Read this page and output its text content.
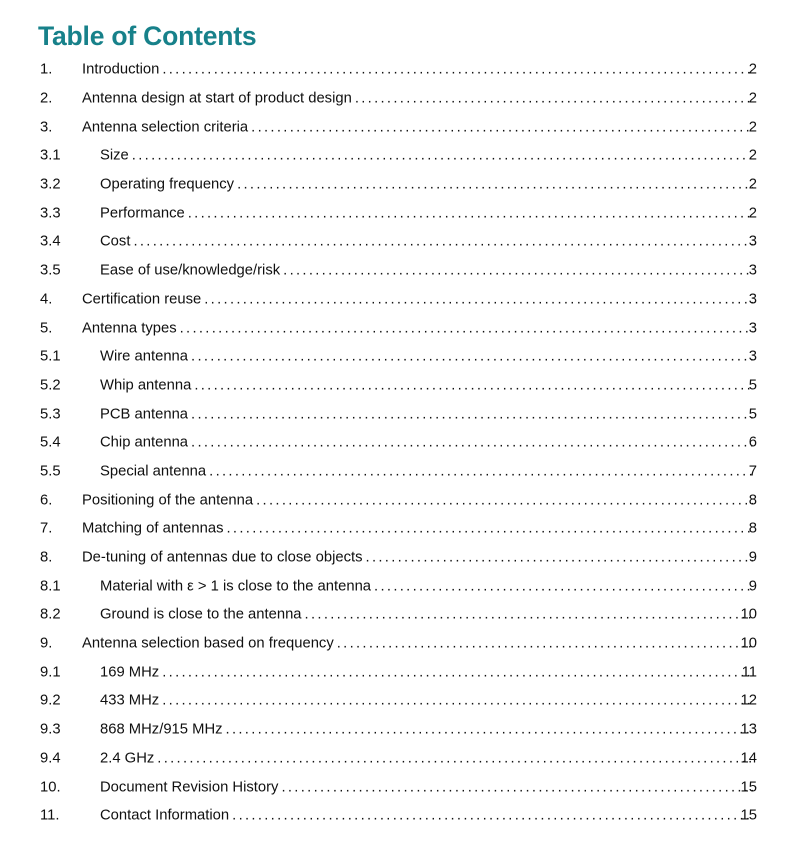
Table of Contents
1.	Introduction . . .	2
2.	Antenna design at start of product design . . .	2
3.	Antenna selection criteria . . .	2
3.1	Size . . .	2
3.2	Operating frequency . . .	2
3.3	Performance . . .	2
3.4	Cost . . .	3
3.5	Ease of use/knowledge/risk . . .	3
4.	Certification reuse . . .	3
5.	Antenna types . . .	3
5.1	Wire antenna . . .	3
5.2	Whip antenna . . .	5
5.3	PCB antenna . . .	5
5.4	Chip antenna . . .	6
5.5	Special antenna . . .	7
6.	Positioning of the antenna . . .	8
7.	Matching of antennas . . .	8
8.	De-tuning of antennas due to close objects . . .	9
8.1	Material with ε > 1 is close to the antenna . . .	9
8.2	Ground is close to the antenna . . .	10
9.	Antenna selection based on frequency . . .	10
9.1	169 MHz . . .	11
9.2	433 MHz . . .	12
9.3	868 MHz/915 MHz . . .	13
9.4	2.4 GHz . . .	14
10.	Document Revision History . . .	15
11.	Contact Information . . .	15
